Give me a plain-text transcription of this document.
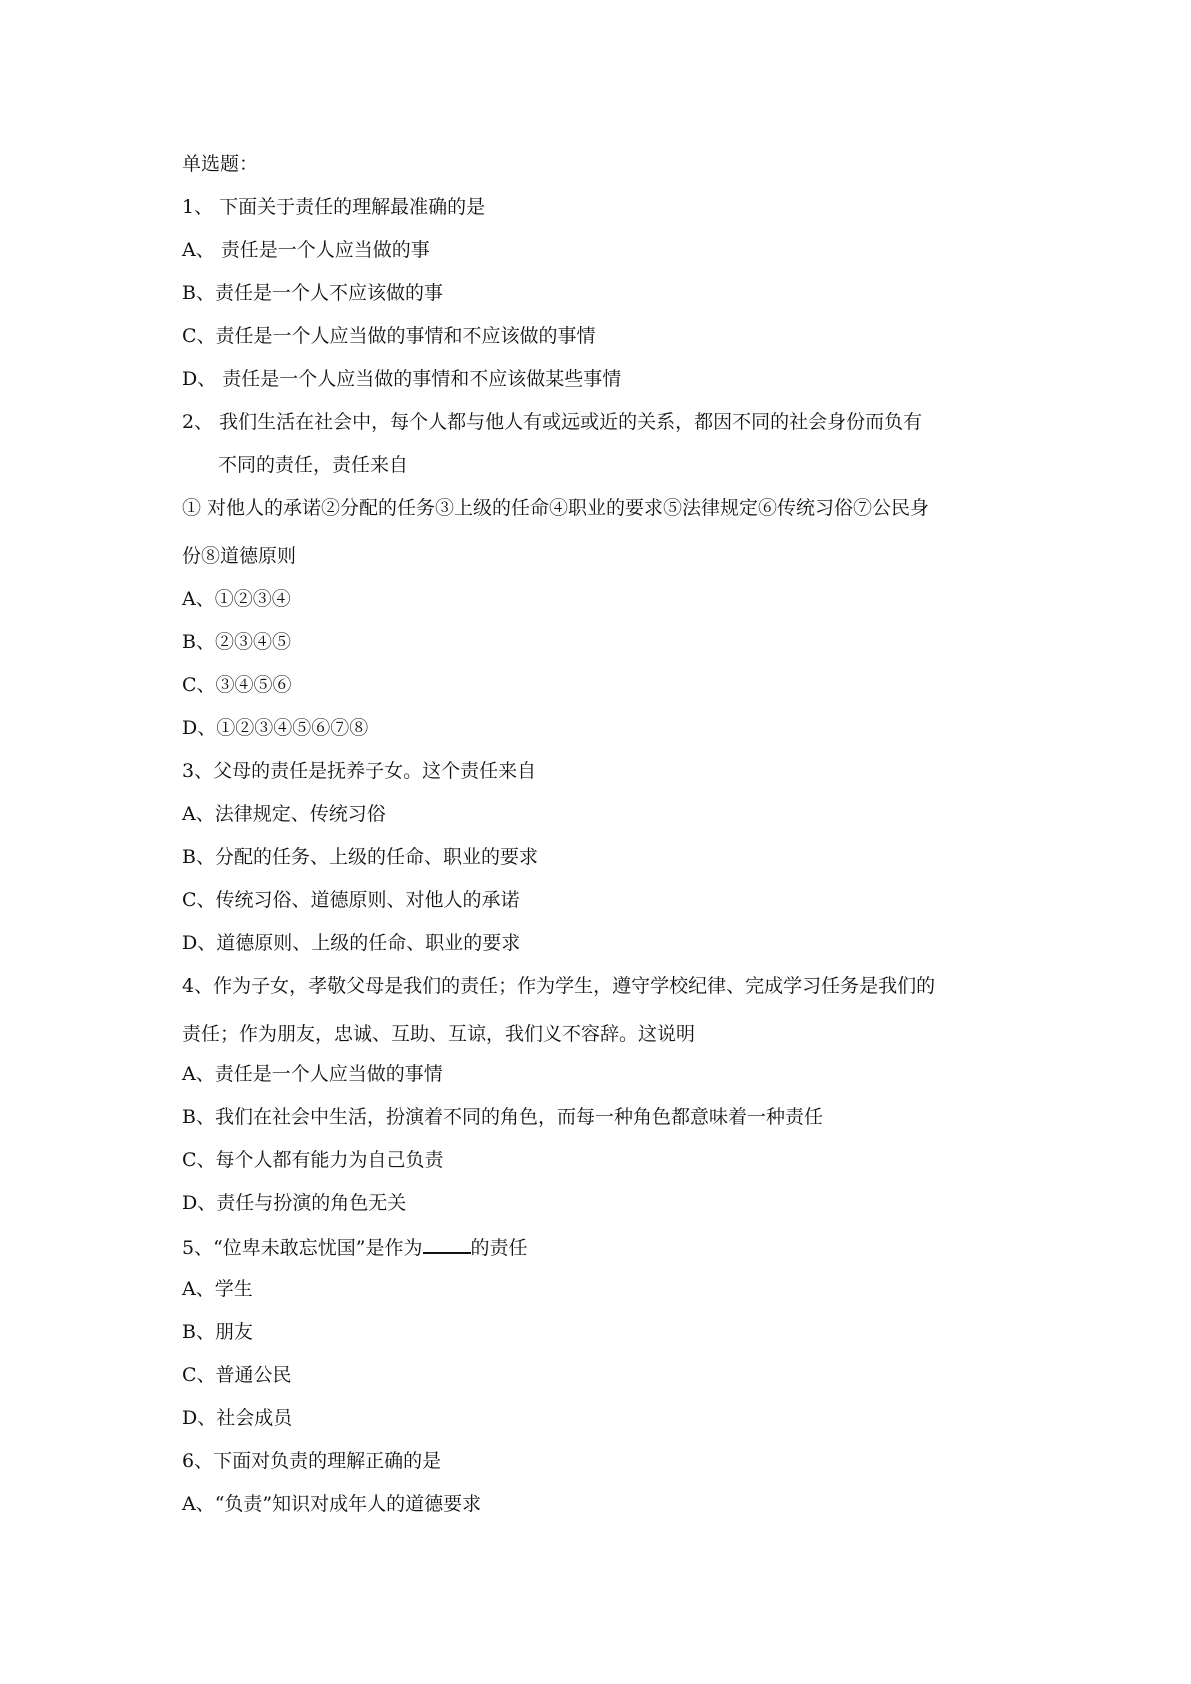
单选题：
1、 下面关于责任的理解最准确的是
A、 责任是一个人应当做的事
B、责任是一个人不应该做的事
C、责任是一个人应当做的事情和不应该做的事情
D、 责任是一个人应当做的事情和不应该做某些事情
2、 我们生活在社会中，每个人都与他人有或远或近的关系，都因不同的社会身份而负有
不同的责任，责任来自
① 对他人的承诺②分配的任务③上级的任命④职业的要求⑤法律规定⑥传统习俗⑦公民身
份⑧道德原则
A、①②③④
B、②③④⑤
C、③④⑤⑥
D、①②③④⑤⑥⑦⑧
3、父母的责任是抚养子女。这个责任来自
A、法律规定、传统习俗
B、分配的任务、上级的任命、职业的要求
C、传统习俗、道德原则、对他人的承诺
D、道德原则、上级的任命、职业的要求
4、作为子女，孝敬父母是我们的责任；作为学生，遵守学校纪律、完成学习任务是我们的
责任；作为朋友，忠诚、互助、互谅，我们义不容辞。这说明
A、责任是一个人应当做的事情
B、我们在社会中生活，扮演着不同的角色，而每一种角色都意味着一种责任
C、每个人都有能力为自己负责
D、责任与扮演的角色无关
5、“位卑未敢忘忧国”是作为	的责任
A、学生
B、朋友
C、普通公民
D、社会成员
6、下面对负责的理解正确的是
A、“负责”知识对成年人的道德要求
